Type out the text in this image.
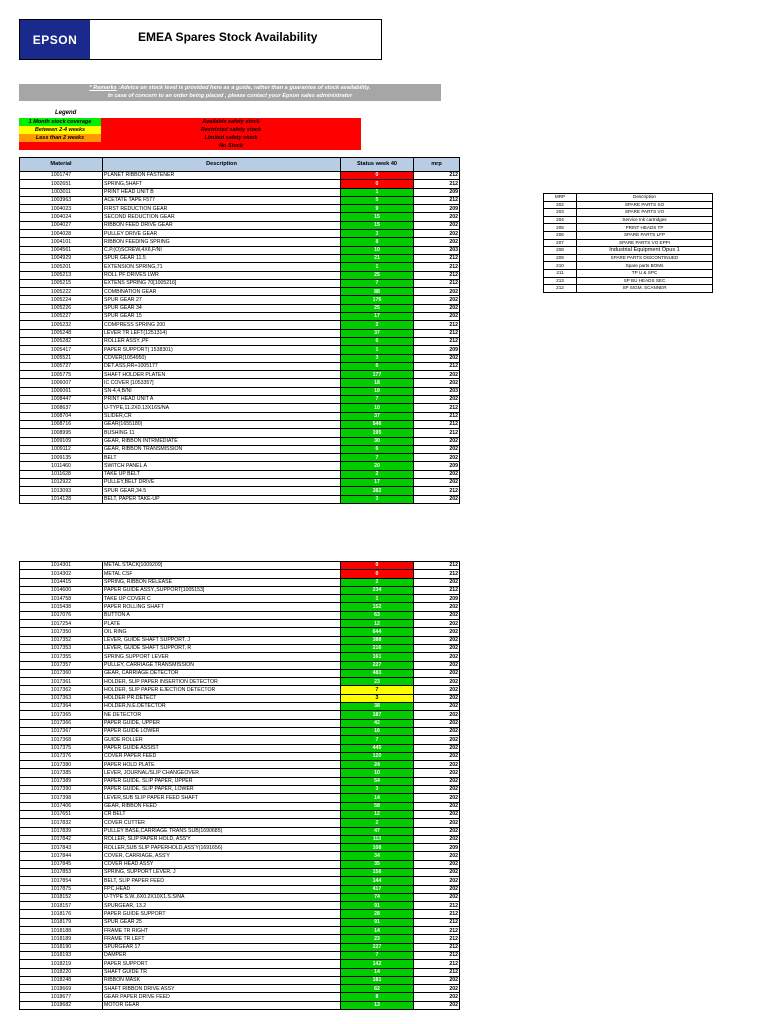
EPSON	EMEA Spares Stock Availability
* Remarks :Advice on stock level is provided here as a guide, rather than a guarantee of stock availability.
In case of concern to an order being placed , please contact your Epson sales administrator
Legend
1 Month stock coverage	Available safety stock
Between 2-4 weeks	Restricted safety stock
Less than 2 weeks	Limited safety stock
No Stock
Material	Description	Status week 40	mrp
1001747	PLANET RIBBON FASTENER	0	212
1002651	SPRING,SHAFT	0	212
1003011	PRINT HEAD UNIT B	1	209
1003963	ACETATE TAPE F577	5	212
1004023	FIRST REDUCTION GEAR	9	209
1004024	SECOND REDUCTION GEAR	15	202
1004027	RIBBON FEED DRIVE GEAR	15	202
1004028	PULLEY DRIVE GEAR	3	202
1004101	RIBBON FEEDING SPRING	8	202
1004561	C.P.(O)SCREW,4X6,F/NI	10	203
1004929	SPUR GEAR 11.5	21	212
1005201	EXTENSION SPRING,71	1	212
1005213	ROLL PF DRIVES LWR	25	212
1005215	EXTENS SPRING 70[1005216]	7	212
1005222	COMBINATION GEAR	88	202
1005224	SPUR GEAR 27	176	202
1005226	SPUR GEAR 34	25	202
1005227	SPUR GEAR 15	17	202
1005232	COMPRESS SPRING 200	2	212
1005248	LEVER TR LEFT(1251314)	37	212
1005282	ROLLER ASSY.,PF	6	212
1005417	PAPER SUPPORT( 1538301)	1	209
1005521	COVER(1054950)	3	202
1005727	DET.ASS,RR+1005177	6	212
1005775	SHAFT HOLDER PLATEN	177	202
1006007	IC COVER [1053357]	18	202
1006061	SN-4,4,B/NI	19	203
1008447	PRINT HEAD UNIT A	7	202
1008637	U-TYPE,11.2X0.13X16S/NA	10	212
1008704	SLIDER,CR	37	212
1008716	GEAR(1655180)	546	212
1008995	BUSHING 11	195	212
1009109	GEAR, RIBBON INTRMEDIATE	30	202
1009112	GEAR, RIBBON TRANSMISSION	6	202
1009135	BELT	7	202
1011460	SWITCH PANEL A	20	209
1011628	TAKE UP BELT	2	202
1012922	PULLEY,BELT DRIVE	17	202
1013093	SPUR GEAR,34.5	382	212
1014128	BELT, PAPER TAKE-UP	3	202
1014301	METAL STACK[1009209]	0	212
1014302	METAL CSF	0	212
1014415	SPRING, RIBBON RELEASE	2	202
1014600	PAPER GUIDE ASSY.,SUPPORT[1005153]	234	212
1014758	TAKE UP COVER C	1	209
1015438	PAPER ROLLING SHAFT	152	202
1017076	BUTTON A	63	202
1017254	PLATE	12	202
1017350	OIL RING	644	202
1017352	LEVER, GUIDE SHAFT SUPPORT, J	388	202
1017353	LEVER, GUIDE SHAFT SUPPORT, R	216	202
1017355	SPRING SUPPORT LEVER	161	202
1017357	PULLEY, CARRIAGE TRANSMISSION	227	202
1017360	GEAR, CARRIAGE DETECTOR	483	202
1017361	HOLDER, SLIP PAPER INSERTION DETECTOR	23	202
1017362	HOLDER, SLIP PAPER EJECTION DETECTOR	7	202
1017363	HOLDER PR.DETECT	3	202
1017364	HOLDER,N.E.DETECTOR	38	202
1017365	NE DETECTOR	187	202
1017366	PAPER GUIDE, UPPER	42	202
1017367	PAPER GUIDE LOWER	16	202
1017368	GUIDE ROLLER	7	202
1017375	PAPER GUIDE ASSIST	445	202
1017376	COVER PAPER FEED	120	202
1017380	PAPER HOLD PLATE	24	202
1017385	LEVER, JOURNAL/SLIP CHANGEOVER	10	202
1017389	PAPER GUIDE, SLIP PAPER, UPPER	54	202
1017390	PAPER GUIDE, SLIP PAPER, LOWER	3	202
1017398	LEVER,SUB SLIP PAPER FEED SHAFT	14	202
1017406	GEAR, RIBBON FEED	58	202
1017651	CR BELT	12	202
1017832	COVER CUTTER	2	202
1017839	PULLEY BASE,CARRIAGE TRANS SUB(1690685)	47	202
1017842	ROLLER, SLIP PAPER HOLD, ASS'Y	113	202
1017843	ROLLER,SUB SLIP PAPERHOLD,ASS'Y(1691656)	108	209
1017844	COVER, CARRIAGE, ASS'Y	34	202
1017845	COVER HEAD ASSY	35	202
1017853	SPRING, SUPPORT LEVER, J	156	202
1017854	BELT, SLIP PAPER FEED	144	202
1017875	FPC,HEAD	417	202
1018152	U-TYPE S.W.,6X0.2X10X1.S.S/NA	74	202
1018157	SPURGEAR, 13.2	91	212
1018176	PAPER GUIDE SUPPORT	28	212
1018179	SPUR GEAR 25	91	212
1018188	FRAME TR RIGHT	14	212
1018189	FRAME TR LEFT	23	212
1018190	SPURGEAR 17	227	212
1018193	DAMPER	7	212
1018219	PAPER SUPPORT	142	212
1018220	SHAFT GUIDE TR	14	212
1018248	RIBBON MASK	181	202
1018669	SHAFT RIBBON DRIVE ASSY	62	202
1018677	GEAR PAPER DRIVE FEED	8	202
1018682	MOTOR GEAR	13	202
MRP	Description
202	SPARE PARTS SO
203	SPARE PARTS VO
204	Service Ink cartridges
205	PRINT HEADS TP
206	SPARE PARTS LFP
207	SPARE PARTS VO EPPI
208	Industrial Equipment Opus 1
209	SPARE PARTS DISCONTINUED
210	Spare parts BOMs
211	TP U & SPC
213	SP BU HEADS SEC
212	SP SIGM. SCANNER
